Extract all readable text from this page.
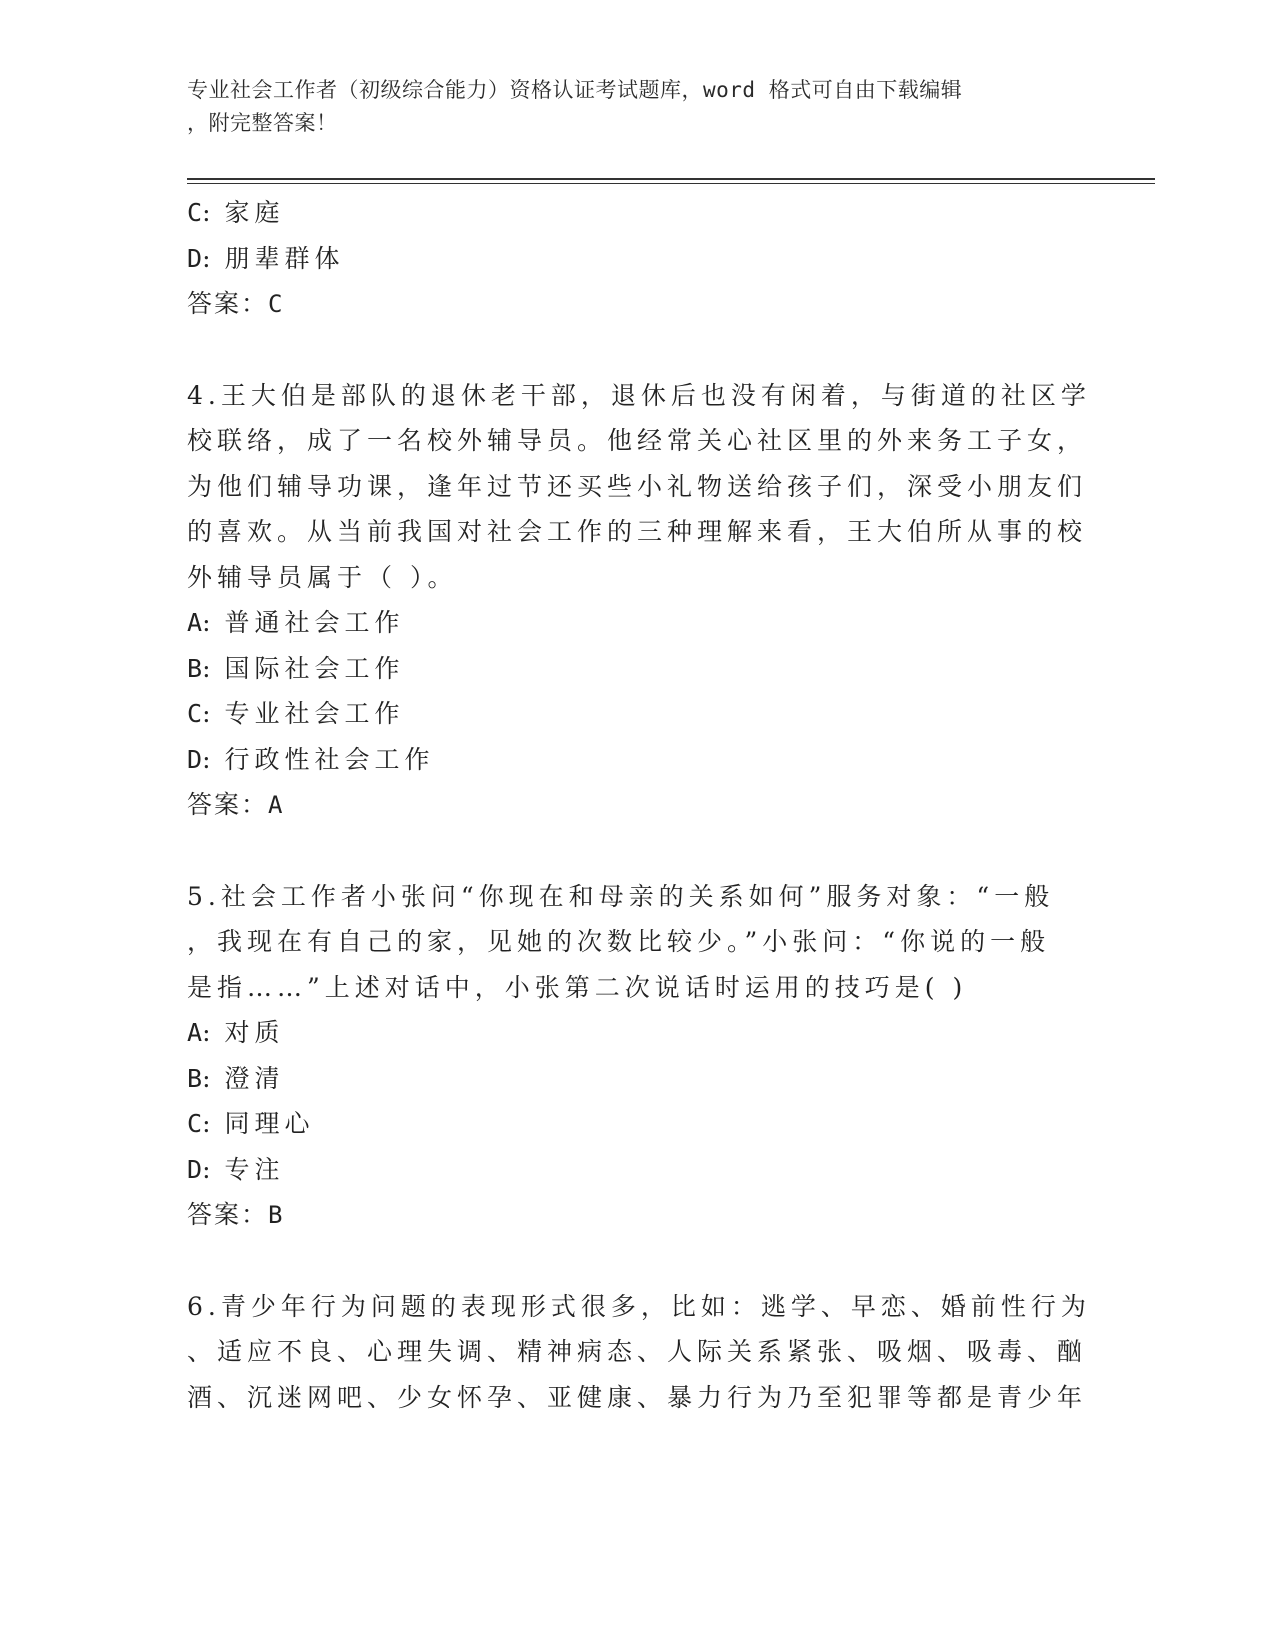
专业社会工作者（初级综合能力）资格认证考试题库，word 格式可自由下载编辑
，附完整答案！
C: 家庭
D: 朋辈群体
答案：C
4.王大伯是部队的退休老干部，退休后也没有闲着，与街道的社区学
校联络，成了一名校外辅导员。他经常关心社区里的外来务工子女，
为他们辅导功课，逢年过节还买些小礼物送给孩子们，深受小朋友们
的喜欢。从当前我国对社会工作的三种理解来看，王大伯所从事的校
外辅导员属于（ ）。
A: 普通社会工作
B: 国际社会工作
C: 专业社会工作
D: 行政性社会工作
答案：A
5.社会工作者小张问“你现在和母亲的关系如何”服务对象：“一般
，我现在有自己的家，见她的次数比较少。”小张问：“你说的一般
是指……”上述对话中，小张第二次说话时运用的技巧是( )
A: 对质
B: 澄清
C: 同理心
D: 专注
答案：B
6.青少年行为问题的表现形式很多，比如：逃学、早恋、婚前性行为
、适应不良、心理失调、精神病态、人际关系紧张、吸烟、吸毒、酗
酒、沉迷网吧、少女怀孕、亚健康、暴力行为乃至犯罪等都是青少年
